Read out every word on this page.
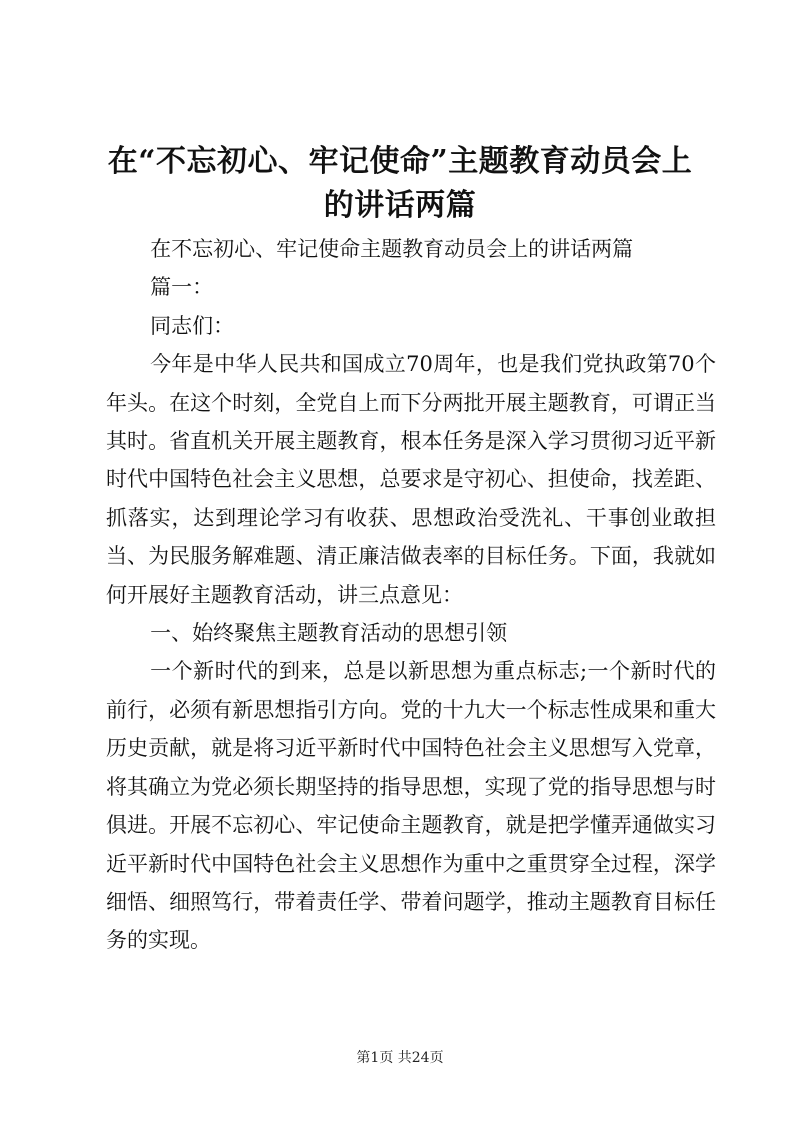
在“不忘初心、牢记使命”主题教育动员会上
的讲话两篇

在不忘初心、牢记使命主题教育动员会上的讲话两篇

篇一：

同志们：

今年是中华人民共和国成立70周年，也是我们党执政第70个年头。在这个时刻，全党自上而下分两批开展主题教育，可谓正当其时。省直机关开展主题教育，根本任务是深入学习贯彻习近平新时代中国特色社会主义思想，总要求是守初心、担使命，找差距、抓落实，达到理论学习有收获、思想政治受洗礼、干事创业敢担当、为民服务解难题、清正廉洁做表率的目标任务。下面，我就如何开展好主题教育活动，讲三点意见：

一、始终聚焦主题教育活动的思想引领

一个新时代的到来，总是以新思想为重点标志;一个新时代的前行，必须有新思想指引方向。党的十九大一个标志性成果和重大历史贡献，就是将习近平新时代中国特色社会主义思想写入党章，将其确立为党必须长期坚持的指导思想，实现了党的指导思想与时俱进。开展不忘初心、牢记使命主题教育，就是把学懂弄通做实习近平新时代中国特色社会主义思想作为重中之重贯穿全过程，深学细悟、细照笃行，带着责任学、带着问题学，推动主题教育目标任务的实现。

第1页 共24页
